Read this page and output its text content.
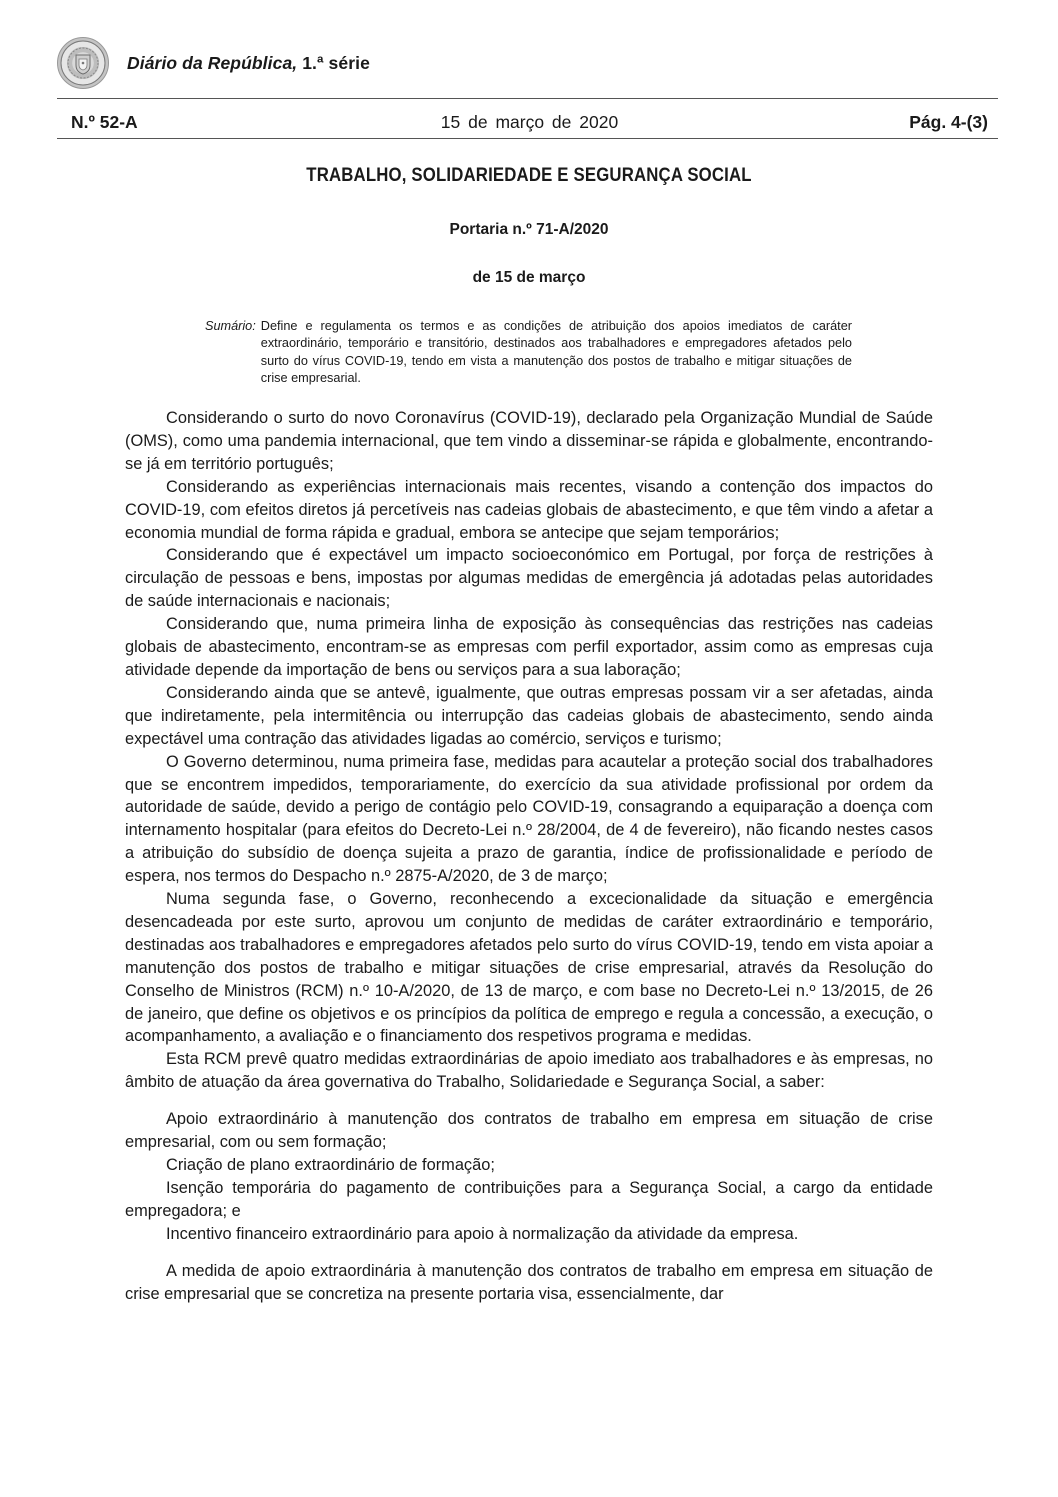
Diário da República, 1.ª série
N.º 52-A	15 de março de 2020	Pág. 4-(3)
TRABALHO, SOLIDARIEDADE E SEGURANÇA SOCIAL
Portaria n.º 71-A/2020
de 15 de março
Sumário: Define e regulamenta os termos e as condições de atribuição dos apoios imediatos de caráter extraordinário, temporário e transitório, destinados aos trabalhadores e empregadores afetados pelo surto do vírus COVID-19, tendo em vista a manutenção dos postos de trabalho e mitigar situações de crise empresarial.

Considerando o surto do novo Coronavírus (COVID-19), declarado pela Organização Mundial de Saúde (OMS), como uma pandemia internacional, que tem vindo a disseminar-se rápida e globalmente, encontrando-se já em território português;

Considerando as experiências internacionais mais recentes, visando a contenção dos impactos do COVID-19, com efeitos diretos já percetíveis nas cadeias globais de abastecimento, e que têm vindo a afetar a economia mundial de forma rápida e gradual, embora se antecipe que sejam temporários;

Considerando que é expectável um impacto socioeconómico em Portugal, por força de restrições à circulação de pessoas e bens, impostas por algumas medidas de emergência já adotadas pelas autoridades de saúde internacionais e nacionais;

Considerando que, numa primeira linha de exposição às consequências das restrições nas cadeias globais de abastecimento, encontram-se as empresas com perfil exportador, assim como as empresas cuja atividade depende da importação de bens ou serviços para a sua laboração;

Considerando ainda que se antevê, igualmente, que outras empresas possam vir a ser afetadas, ainda que indiretamente, pela intermitência ou interrupção das cadeias globais de abastecimento, sendo ainda expectável uma contração das atividades ligadas ao comércio, serviços e turismo;

O Governo determinou, numa primeira fase, medidas para acautelar a proteção social dos trabalhadores que se encontrem impedidos, temporariamente, do exercício da sua atividade profissional por ordem da autoridade de saúde, devido a perigo de contágio pelo COVID-19, consagrando a equiparação a doença com internamento hospitalar (para efeitos do Decreto-Lei n.º 28/2004, de 4 de fevereiro), não ficando nestes casos a atribuição do subsídio de doença sujeita a prazo de garantia, índice de profissionalidade e período de espera, nos termos do Despacho n.º 2875-A/2020, de 3 de março;

Numa segunda fase, o Governo, reconhecendo a excecionalidade da situação e emergência desencadeada por este surto, aprovou um conjunto de medidas de caráter extraordinário e temporário, destinadas aos trabalhadores e empregadores afetados pelo surto do vírus COVID-19, tendo em vista apoiar a manutenção dos postos de trabalho e mitigar situações de crise empresarial, através da Resolução do Conselho de Ministros (RCM) n.º 10-A/2020, de 13 de março, e com base no Decreto-Lei n.º 13/2015, de 26 de janeiro, que define os objetivos e os princípios da política de emprego e regula a concessão, a execução, o acompanhamento, a avaliação e o financiamento dos respetivos programa e medidas.

Esta RCM prevê quatro medidas extraordinárias de apoio imediato aos trabalhadores e às empresas, no âmbito de atuação da área governativa do Trabalho, Solidariedade e Segurança Social, a saber:

Apoio extraordinário à manutenção dos contratos de trabalho em empresa em situação de crise empresarial, com ou sem formação;

Criação de plano extraordinário de formação;

Isenção temporária do pagamento de contribuições para a Segurança Social, a cargo da entidade empregadora; e

Incentivo financeiro extraordinário para apoio à normalização da atividade da empresa.

A medida de apoio extraordinária à manutenção dos contratos de trabalho em empresa em situação de crise empresarial que se concretiza na presente portaria visa, essencialmente, dar
